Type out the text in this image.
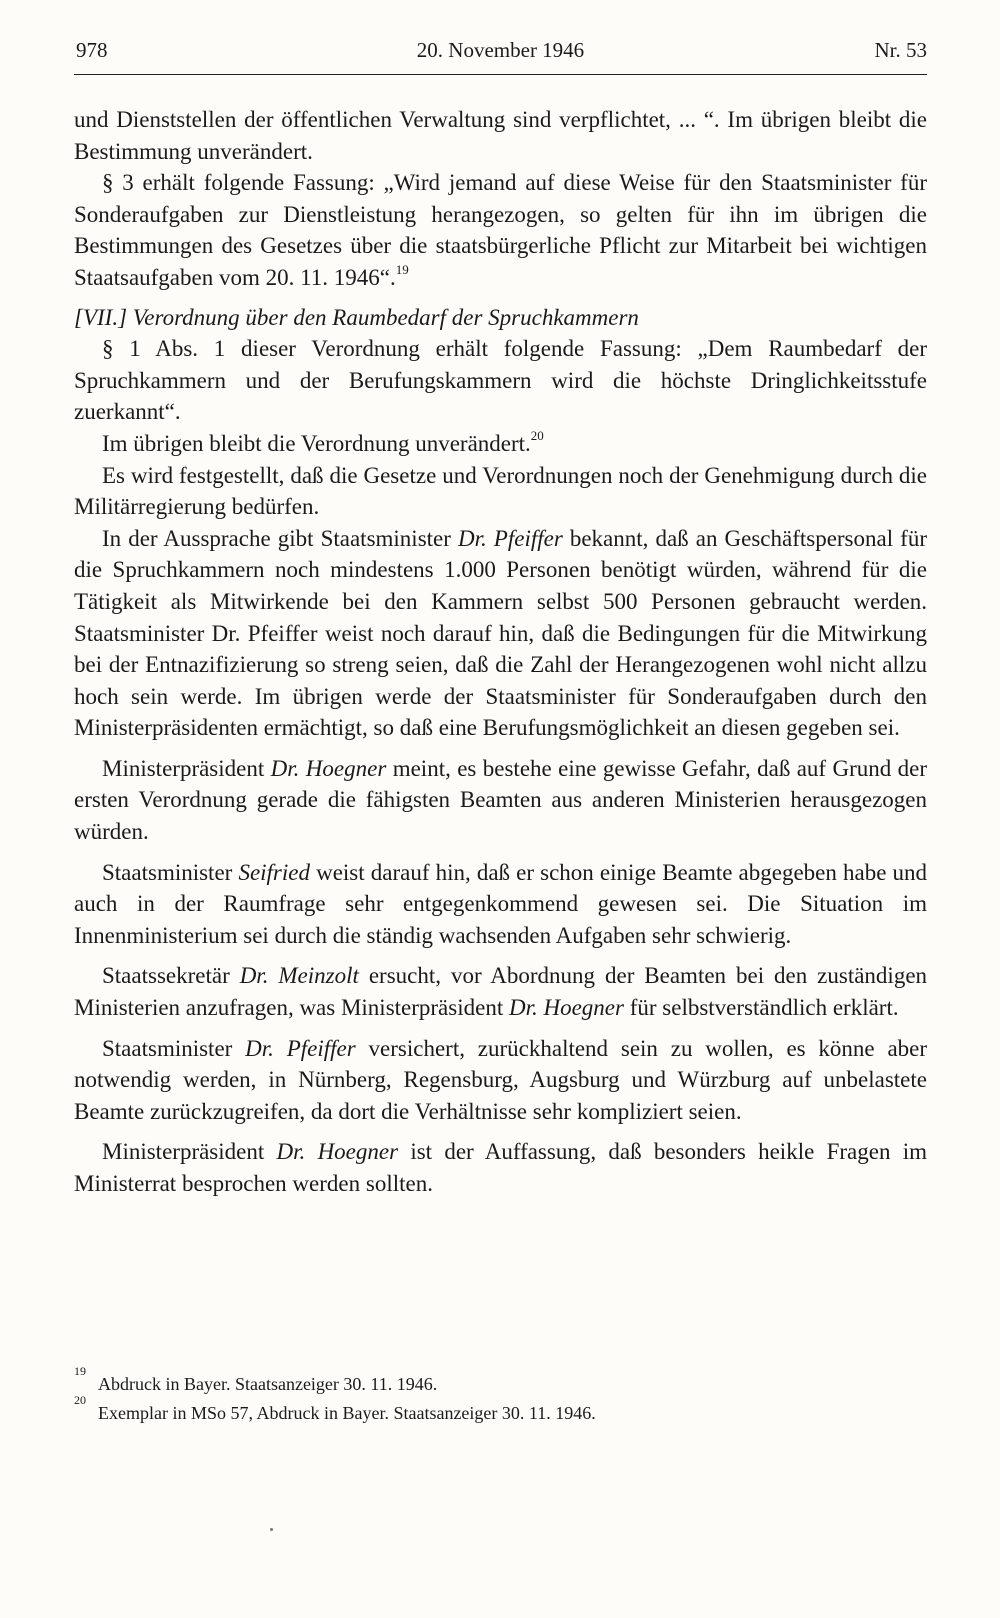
978	20. November 1946	Nr. 53

und Dienststellen der öffentlichen Verwaltung sind verpflichtet, ... “. Im übrigen bleibt die Bestimmung unverändert.

§ 3 erhält folgende Fassung: „Wird jemand auf diese Weise für den Staatsminister für Sonderaufgaben zur Dienstleistung herangezogen, so gelten für ihn im übrigen die Bestimmungen des Gesetzes über die staatsbürgerliche Pflicht zur Mitarbeit bei wichtigen Staatsaufgaben vom 20. 11. 1946“.$^{19}$

[VII.] Verordnung über den Raumbedarf der Spruchkammern

§ 1 Abs. 1 dieser Verordnung erhält folgende Fassung: „Dem Raumbedarf der Spruchkammern und der Berufungskammern wird die höchste Dringlichkeitsstufe zuerkannt“.

Im übrigen bleibt die Verordnung unverändert.$^{20}$

Es wird festgestellt, daß die Gesetze und Verordnungen noch der Genehmigung durch die Militärregierung bedürfen.

In der Aussprache gibt Staatsminister Dr. Pfeiffer bekannt, daß an Geschäftspersonal für die Spruchkammern noch mindestens 1.000 Personen benötigt würden, während für die Tätigkeit als Mitwirkende bei den Kammern selbst 500 Personen gebraucht werden. Staatsminister Dr. Pfeiffer weist noch darauf hin, daß die Bedingungen für die Mitwirkung bei der Entnazifizierung so streng seien, daß die Zahl der Herangezogenen wohl nicht allzu hoch sein werde. Im übrigen werde der Staatsminister für Sonderaufgaben durch den Ministerpräsidenten ermächtigt, so daß eine Berufungsmöglichkeit an diesen gegeben sei.

Ministerpräsident Dr. Hoegner meint, es bestehe eine gewisse Gefahr, daß auf Grund der ersten Verordnung gerade die fähigsten Beamten aus anderen Ministerien herausgezogen würden.

Staatsminister Seifried weist darauf hin, daß er schon einige Beamte abgegeben habe und auch in der Raumfrage sehr entgegenkommend gewesen sei. Die Situation im Innenministerium sei durch die ständig wachsenden Aufgaben sehr schwierig.

Staatssekretär Dr. Meinzolt ersucht, vor Abordnung der Beamten bei den zuständigen Ministerien anzufragen, was Ministerpräsident Dr. Hoegner für selbstverständlich erklärt.

Staatsminister Dr. Pfeiffer versichert, zurückhaltend sein zu wollen, es könne aber notwendig werden, in Nürnberg, Regensburg, Augsburg und Würzburg auf unbelastete Beamte zurückzugreifen, da dort die Verhältnisse sehr kompliziert seien.

Ministerpräsident Dr. Hoegner ist der Auffassung, daß besonders heikle Fragen im Ministerrat besprochen werden sollten.

$^{19}$
Abdruck in Bayer. Staatsanzeiger 30. 11. 1946.
$^{20}$
Exemplar in MSo 57, Abdruck in Bayer. Staatsanzeiger 30. 11. 1946.
